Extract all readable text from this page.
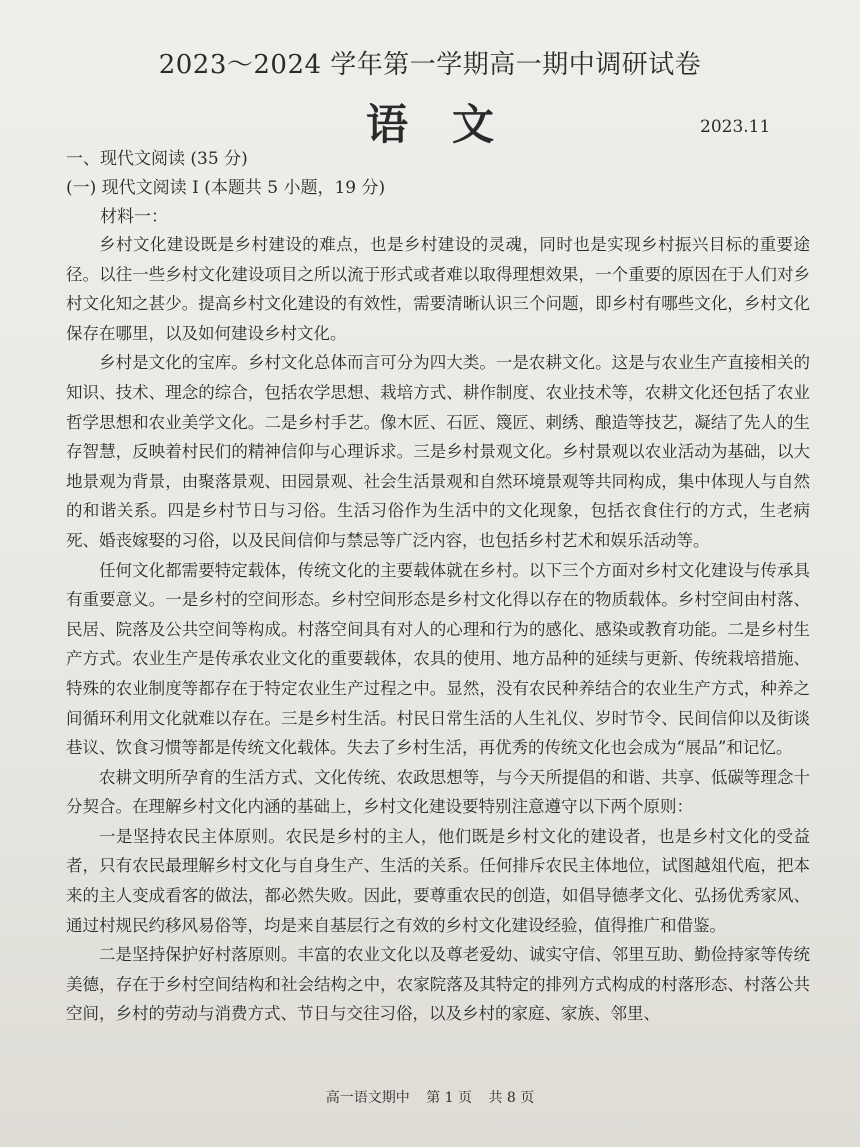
2023～2024 学年第一学期高一期中调研试卷
语文	2023.11
一、现代文阅读 (35 分)
(一) 现代文阅读 I (本题共 5 小题，19 分)
材料一：

乡村文化建设既是乡村建设的难点，也是乡村建设的灵魂，同时也是实现乡村振兴目标的重要途径。以往一些乡村文化建设项目之所以流于形式或者难以取得理想效果，一个重要的原因在于人们对乡村文化知之甚少。提高乡村文化建设的有效性，需要清晰认识三个问题，即乡村有哪些文化，乡村文化保存在哪里，以及如何建设乡村文化。

乡村是文化的宝库。乡村文化总体而言可分为四大类。一是农耕文化。这是与农业生产直接相关的知识、技术、理念的综合，包括农学思想、栽培方式、耕作制度、农业技术等，农耕文化还包括了农业哲学思想和农业美学文化。二是乡村手艺。像木匠、石匠、篾匠、刺绣、酿造等技艺，凝结了先人的生存智慧，反映着村民们的精神信仰与心理诉求。三是乡村景观文化。乡村景观以农业活动为基础，以大地景观为背景，由聚落景观、田园景观、社会生活景观和自然环境景观等共同构成，集中体现人与自然的和谐关系。四是乡村节日与习俗。生活习俗作为生活中的文化现象，包括衣食住行的方式，生老病死、婚丧嫁娶的习俗，以及民间信仰与禁忌等广泛内容，也包括乡村艺术和娱乐活动等。

任何文化都需要特定载体，传统文化的主要载体就在乡村。以下三个方面对乡村文化建设与传承具有重要意义。一是乡村的空间形态。乡村空间形态是乡村文化得以存在的物质载体。乡村空间由村落、民居、院落及公共空间等构成。村落空间具有对人的心理和行为的感化、感染或教育功能。二是乡村生产方式。农业生产是传承农业文化的重要载体，农具的使用、地方品种的延续与更新、传统栽培措施、特殊的农业制度等都存在于特定农业生产过程之中。显然，没有农民种养结合的农业生产方式，种养之间循环利用文化就难以存在。三是乡村生活。村民日常生活的人生礼仪、岁时节令、民间信仰以及街谈巷议、饮食习惯等都是传统文化载体。失去了乡村生活，再优秀的传统文化也会成为“展品”和记忆。

农耕文明所孕育的生活方式、文化传统、农政思想等，与今天所提倡的和谐、共享、低碳等理念十分契合。在理解乡村文化内涵的基础上，乡村文化建设要特别注意遵守以下两个原则：

一是坚持农民主体原则。农民是乡村的主人，他们既是乡村文化的建设者，也是乡村文化的受益者，只有农民最理解乡村文化与自身生产、生活的关系。任何排斥农民主体地位，试图越俎代庖，把本来的主人变成看客的做法，都必然失败。因此，要尊重农民的创造，如倡导德孝文化、弘扬优秀家风、通过村规民约移风易俗等，均是来自基层行之有效的乡村文化建设经验，值得推广和借鉴。

二是坚持保护好村落原则。丰富的农业文化以及尊老爱幼、诚实守信、邻里互助、勤俭持家等传统美德，存在于乡村空间结构和社会结构之中，农家院落及其特定的排列方式构成的村落形态、村落公共空间，乡村的劳动与消费方式、节日与交往习俗，以及乡村的家庭、家族、邻里、

高一语文期中 第 1 页 共 8 页
